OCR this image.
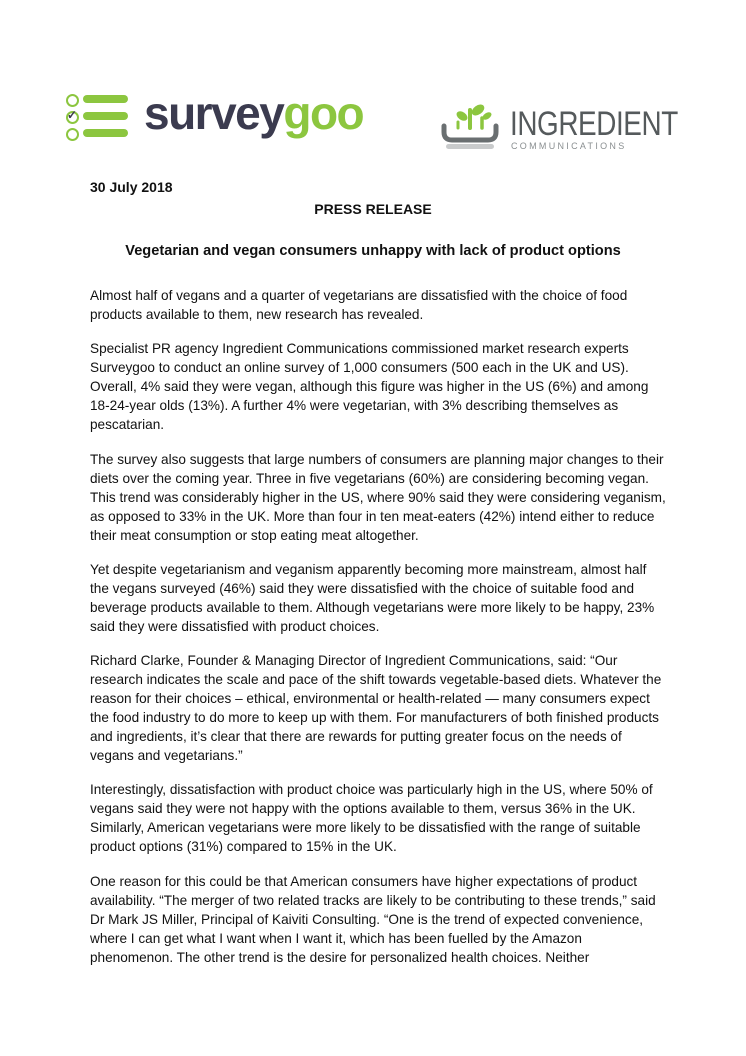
✓ surveygoo	INGREDIENT
COMMUNICATIONS
30 July 2018
PRESS RELEASE
Vegetarian and vegan consumers unhappy with lack of product options

Almost half of vegans and a quarter of vegetarians are dissatisfied with the choice of food products available to them, new research has revealed.

Specialist PR agency Ingredient Communications commissioned market research experts Surveygoo to conduct an online survey of 1,000 consumers (500 each in the UK and US). Overall, 4% said they were vegan, although this figure was higher in the US (6%) and among 18-24-year olds (13%). A further 4% were vegetarian, with 3% describing themselves as pescatarian.

The survey also suggests that large numbers of consumers are planning major changes to their diets over the coming year. Three in five vegetarians (60%) are considering becoming vegan. This trend was considerably higher in the US, where 90% said they were considering veganism, as opposed to 33% in the UK. More than four in ten meat-eaters (42%) intend either to reduce their meat consumption or stop eating meat altogether.

Yet despite vegetarianism and veganism apparently becoming more mainstream, almost half the vegans surveyed (46%) said they were dissatisfied with the choice of suitable food and beverage products available to them. Although vegetarians were more likely to be happy, 23% said they were dissatisfied with product choices.

Richard Clarke, Founder & Managing Director of Ingredient Communications, said: “Our research indicates the scale and pace of the shift towards vegetable-based diets. Whatever the reason for their choices – ethical, environmental or health-related — many consumers expect the food industry to do more to keep up with them. For manufacturers of both finished products and ingredients, it’s clear that there are rewards for putting greater focus on the needs of vegans and vegetarians.”

Interestingly, dissatisfaction with product choice was particularly high in the US, where 50% of vegans said they were not happy with the options available to them, versus 36% in the UK. Similarly, American vegetarians were more likely to be dissatisfied with the range of suitable product options (31%) compared to 15% in the UK.

One reason for this could be that American consumers have higher expectations of product availability. “The merger of two related tracks are likely to be contributing to these trends,” said Dr Mark JS Miller, Principal of Kaiviti Consulting. “One is the trend of expected convenience, where I can get what I want when I want it, which has been fuelled by the Amazon phenomenon. The other trend is the desire for personalized health choices. Neither
